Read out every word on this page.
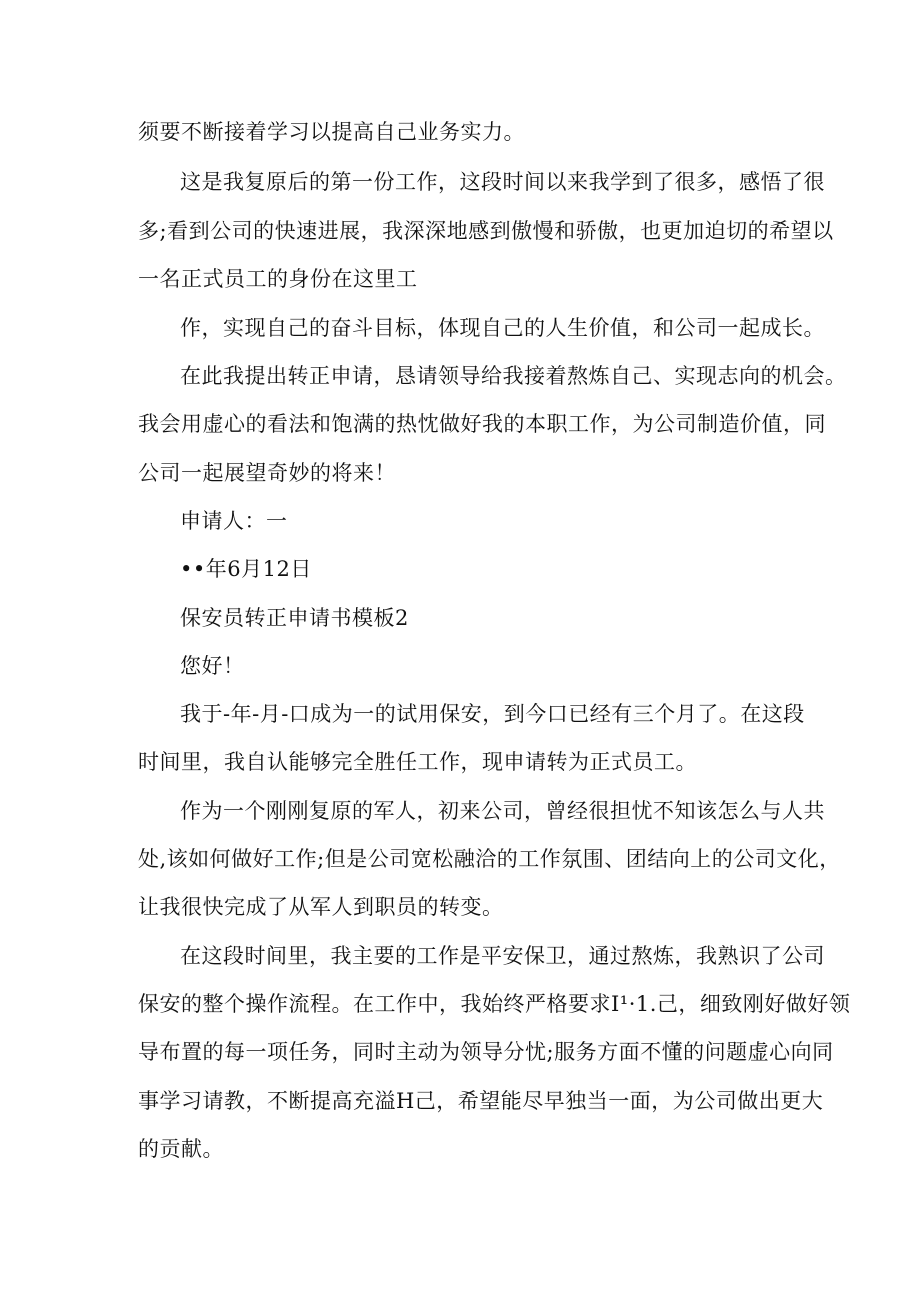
须要不断接着学习以提高自己业务实力。
这是我复原后的第一份工作，这段时间以来我学到了很多，感悟了很
多;看到公司的快速进展，我深深地感到傲慢和骄傲，也更加迫切的希望以
一名正式员工的身份在这里工
作，实现自己的奋斗目标，体现自己的人生价值，和公司一起成长。
在此我提出转正申请，恳请领导给我接着熬炼自己、实现志向的机会。
我会用虚心的看法和饱满的热忱做好我的本职工作，为公司制造价值，同
公司一起展望奇妙的将来！
申请人：一
••年6月12日
保安员转正申请书模板2
您好！
我于-年-月-口成为一的试用保安，到今口已经有三个月了。在这段
时间里，我自认能够完全胜任工作，现申请转为正式员工。
作为一个刚刚复原的军人，初来公司，曾经很担忧不知该怎么与人共
处,该如何做好工作;但是公司宽松融洽的工作氛围、团结向上的公司文化，
让我很快完成了从军人到职员的转变。
在这段时间里，我主要的工作是平安保卫，通过熬炼，我熟识了公司
保安的整个操作流程。在工作中，我始终严格要求I¹·1.己，细致刚好做好领
导布置的每一项任务，同时主动为领导分忧;服务方面不懂的问题虚心向同
事学习请教，不断提高充溢H己，希望能尽早独当一面，为公司做出更大
的贡献。
